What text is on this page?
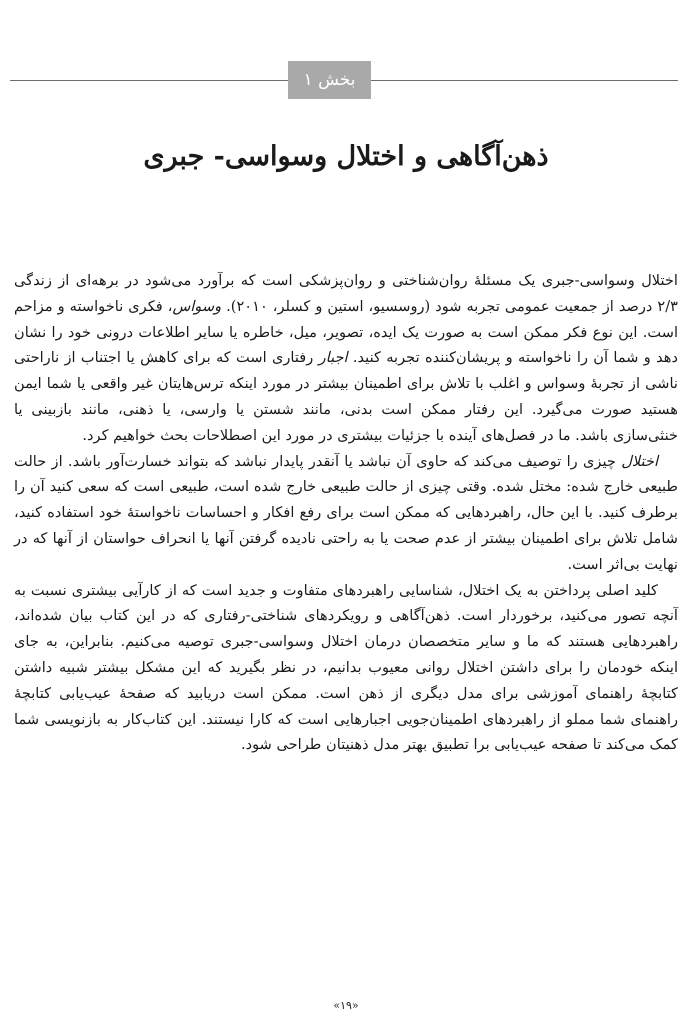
بخش ۱
ذهن‌آگاهی و اختلال وسواسی- جبری

اختلال وسواسی-جبری یک مسئلهٔ روان‌شناختی و روان‌پزشکی است که برآورد می‌شود در برهه‌ای از زندگی ۲/۳ درصد از جمعیت عمومی تجربه شود (روسسیو، استین و کسلر، ۲۰۱۰). وسواس، فکری ناخواسته و مزاحم است. این نوع فکر ممکن است به صورت یک ایده، تصویر، میل، خاطره یا سایر اطلاعات درونی خود را نشان دهد و شما آن را ناخواسته و پریشان‌کننده تجربه کنید. اجبار رفتاری است که برای کاهش یا اجتناب از ناراحتی ناشی از تجربهٔ وسواس و اغلب با تلاش برای اطمینان بیشتر در مورد اینکه ترس‌هایتان غیر واقعی یا شما ایمن هستید صورت می‌گیرد. این رفتار ممکن است بدنی، مانند شستن یا وارسی، یا ذهنی، مانند بازبینی یا خنثی‌سازی باشد. ما در فصل‌های آینده با جزئیات بیشتری در مورد این اصطلاحات بحث خواهیم کرد.

اختلال چیزی را توصیف می‌کند که حاوی آن نباشد یا آنقدر پایدار نباشد که بتواند خسارت‌آور باشد. از حالت طبیعی خارج شده: مختل شده. وقتی چیزی از حالت طبیعی خارج شده است، طبیعی است که سعی کنید آن را برطرف کنید. با این حال، راهبردهایی که ممکن است برای رفع افکار و احساسات ناخواستهٔ خود استفاده کنید، شامل تلاش برای اطمینان بیشتر از عدم صحت یا به راحتی نادیده گرفتن آنها یا انحراف حواستان از آنها که در نهایت بی‌اثر است.

کلید اصلی پرداختن به یک اختلال، شناسایی راهبردهای متفاوت و جدید است که از کارآیی بیشتری نسبت به آنچه تصور می‌کنید، برخوردار است. ذهن‌آگاهی و رویکردهای شناختی-رفتاری که در این کتاب بیان شده‌اند، راهبردهایی هستند که ما و سایر متخصصان درمان اختلال وسواسی-جبری توصیه می‌کنیم. بنابراین، به جای اینکه خودمان را برای داشتن اختلال روانی معیوب بدانیم، در نظر بگیرید که این مشکل بیشتر شبیه داشتن کتابچهٔ راهنمای آموزشی برای مدل دیگری از ذهن است. ممکن است دریابید که صفحهٔ عیب‌یابی کتابچهٔ راهنمای شما مملو از راهبردهای اطمینان‌جویی اجبارهایی است که کارا نیستند. این کتاب‌کار به بازنویسی شما کمک می‌کند تا صفحه عیب‌یابی برا تطبیق بهتر مدل ذهنیتان طراحی شود.

«۱۹»
